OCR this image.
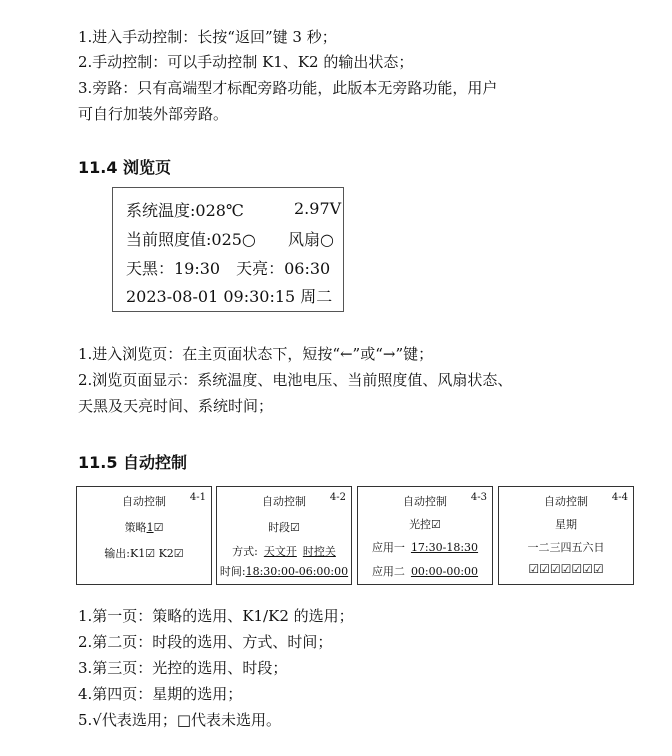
1.进入手动控制：长按“返回”键 3 秒；
2.手动控制：可以手动控制 K1、K2 的输出状态；
3.旁路：只有高端型才标配旁路功能，此版本无旁路功能，用户
可自行加装外部旁路。
11.4 浏览页
系统温度:028℃	2.97V
当前照度值:025○ 风扇○
天黑：19:30　天亮：06:30
2023-08-01 09:30:15 周二
1.进入浏览页：在主页面状态下，短按“←”或“→”键；
2.浏览页面显示：系统温度、电池电压、当前照度值、风扇状态、
天黑及天亮时间、系统时间；
11.5 自动控制
自动控制	4-1
策略1☑
输出:K1☑ K2☑
自动控制	4-2
时段☑
方式: 天文开 时控关
时间:18:30:00-06:00:00
自动控制	4-3
光控☑
应用一 17:30-18:30
应用二 00:00-00:00
自动控制	4-4
星期
一二三四五六日
☑☑☑☑☑☑☑
1.第一页：策略的选用、K1/K2 的选用；
2.第二页：时段的选用、方式、时间；
3.第三页：光控的选用、时段；
4.第四页：星期的选用；
5.√代表选用；□代表未选用。
